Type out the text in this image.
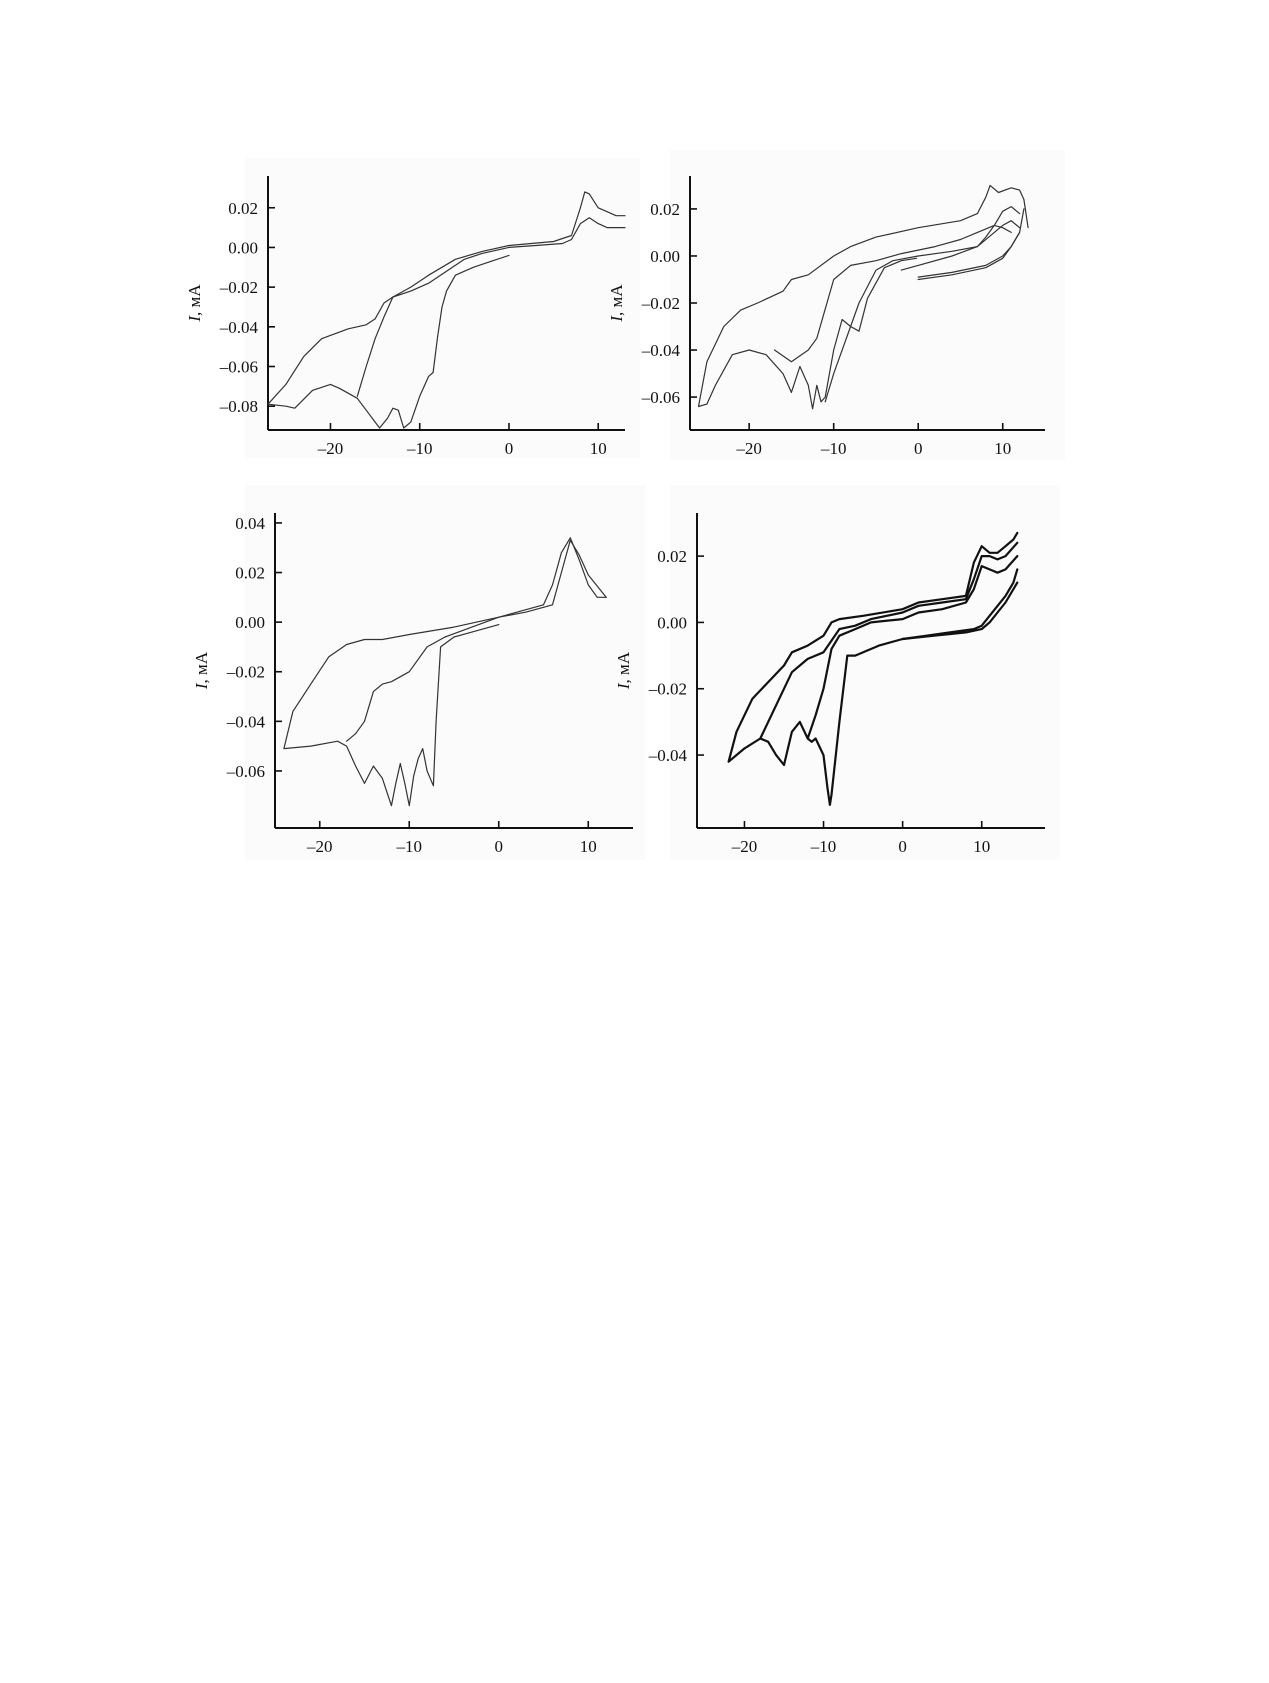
–20	–10	0	10
0.02
0.00
–0.02
–0.04
–0.06
–0.08
I, мА
–20	–10	0	10
0.02
0.00
–0.02
–0.04
–0.06
I, мА
–20	–10	0	10
0.04
0.02
0.00
–0.02
–0.04
–0.06
I, мА
–20	–10	0	10
0.02
0.00
–0.02
–0.04
I, мА
